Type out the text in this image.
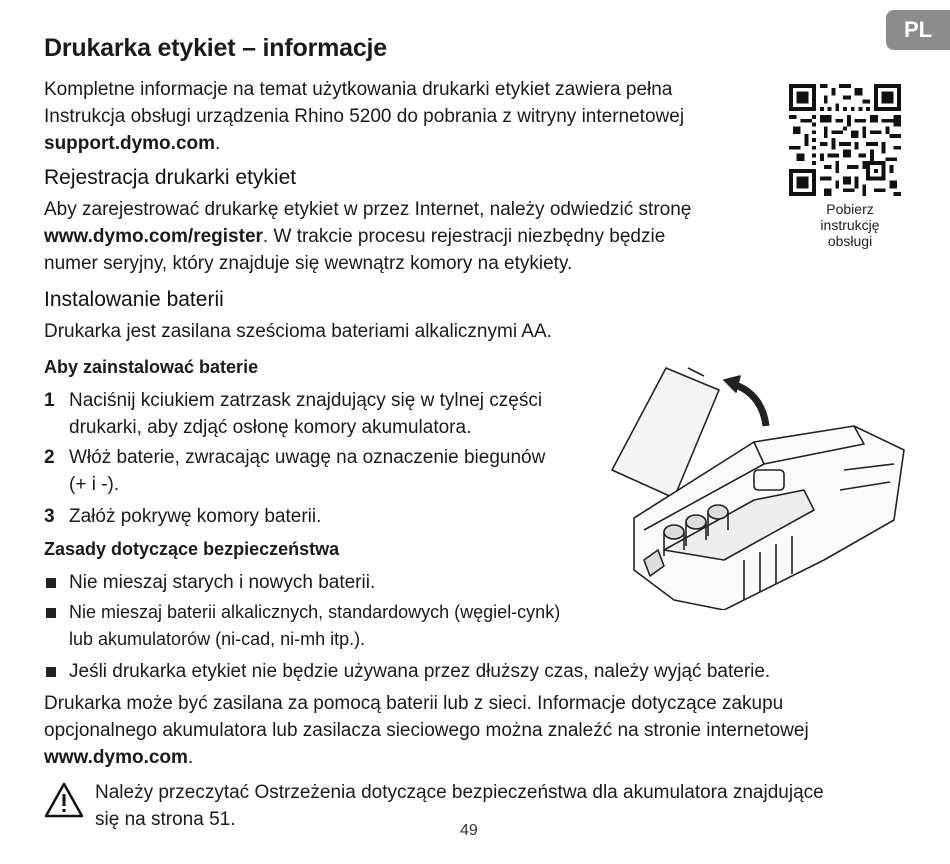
PL
Drukarka etykiet – informacje

Kompletne informacje na temat użytkowania drukarki etykiet zawiera pełna
Instrukcja obsługi urządzenia Rhino 5200 do pobrania z witryny internetowej
support.dymo.com.

Pobierz
instrukcję
obsługi
Rejestracja drukarki etykiet

Aby zarejestrować drukarkę etykiet w przez Internet, należy odwiedzić stronę
www.dymo.com/register. W trakcie procesu rejestracji niezbędny będzie
numer seryjny, który znajduje się wewnątrz komory na etykiety.

Instalowanie baterii

Drukarka jest zasilana sześcioma bateriami alkalicznymi AA.

Aby zainstalować baterie
1 Naciśnij kciukiem zatrzask znajdujący się w tylnej części
drukarki, aby zdjąć osłonę komory akumulatora.
2 Włóż baterie, zwracając uwagę na oznaczenie biegunów
(+ i -).
3 Załóż pokrywę komory baterii.
Zasady dotyczące bezpieczeństwa
Nie mieszaj starych i nowych baterii.
Nie mieszaj baterii alkalicznych, standardowych (węgiel-cynk)
lub akumulatorów (ni-cad, ni-mh itp.).
Jeśli drukarka etykiet nie będzie używana przez dłuższy czas, należy wyjąć baterie.

Drukarka może być zasilana za pomocą baterii lub z sieci. Informacje dotyczące zakupu
opcjonalnego akumulatora lub zasilacza sieciowego można znaleźć na stronie internetowej
www.dymo.com.

Należy przeczytać Ostrzeżenia dotyczące bezpieczeństwa dla akumulatora znajdujące
się na strona 51.

49
